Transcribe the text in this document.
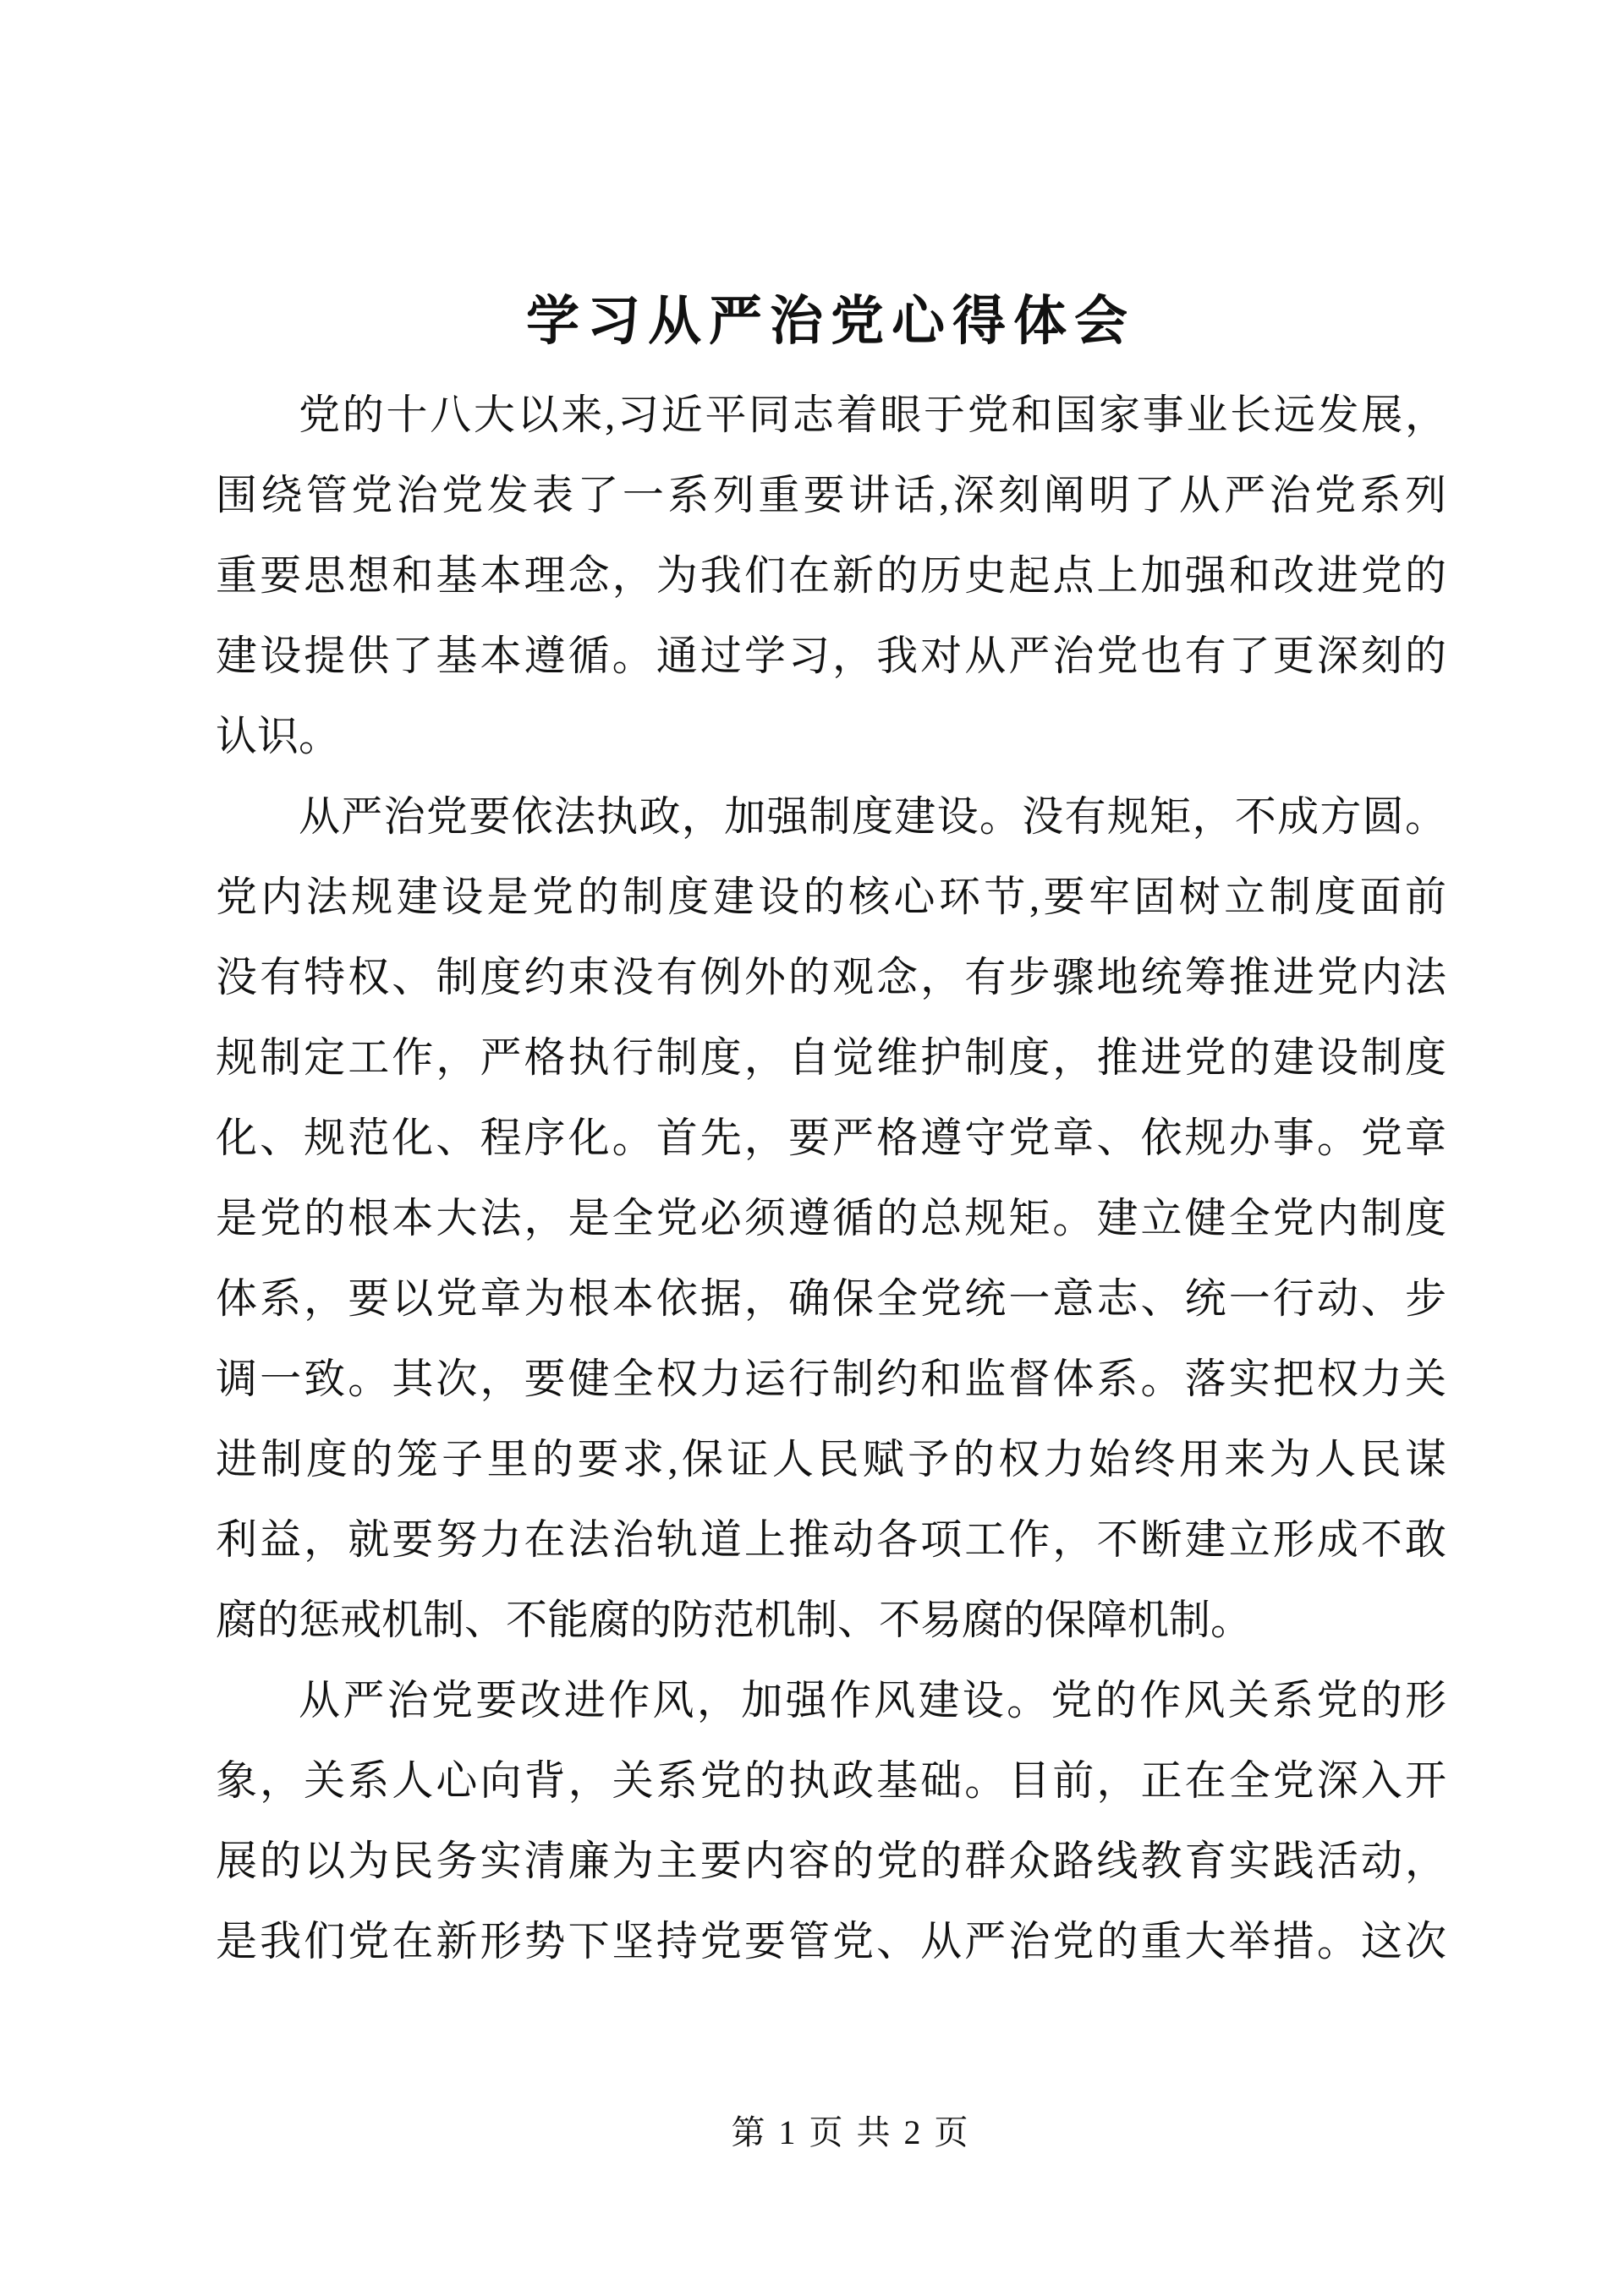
学习从严治党心得体会
党的十八大以来,习近平同志着眼于党和国家事业长远发展，
围绕管党治党发表了一系列重要讲话,深刻阐明了从严治党系列
重要思想和基本理念，为我们在新的历史起点上加强和改进党的
建设提供了基本遵循。通过学习，我对从严治党也有了更深刻的
认识。
从严治党要依法执政，加强制度建设。没有规矩，不成方圆。
党内法规建设是党的制度建设的核心环节,要牢固树立制度面前
没有特权、制度约束没有例外的观念，有步骤地统筹推进党内法
规制定工作，严格执行制度，自觉维护制度，推进党的建设制度
化、规范化、程序化。首先，要严格遵守党章、依规办事。党章
是党的根本大法，是全党必须遵循的总规矩。建立健全党内制度
体系，要以党章为根本依据，确保全党统一意志、统一行动、步
调一致。其次，要健全权力运行制约和监督体系。落实把权力关
进制度的笼子里的要求,保证人民赋予的权力始终用来为人民谋
利益，就要努力在法治轨道上推动各项工作，不断建立形成不敢
腐的惩戒机制、不能腐的防范机制、不易腐的保障机制。
从严治党要改进作风，加强作风建设。党的作风关系党的形
象，关系人心向背，关系党的执政基础。目前，正在全党深入开
展的以为民务实清廉为主要内容的党的群众路线教育实践活动，
是我们党在新形势下坚持党要管党、从严治党的重大举措。这次
第 1 页 共 2 页
